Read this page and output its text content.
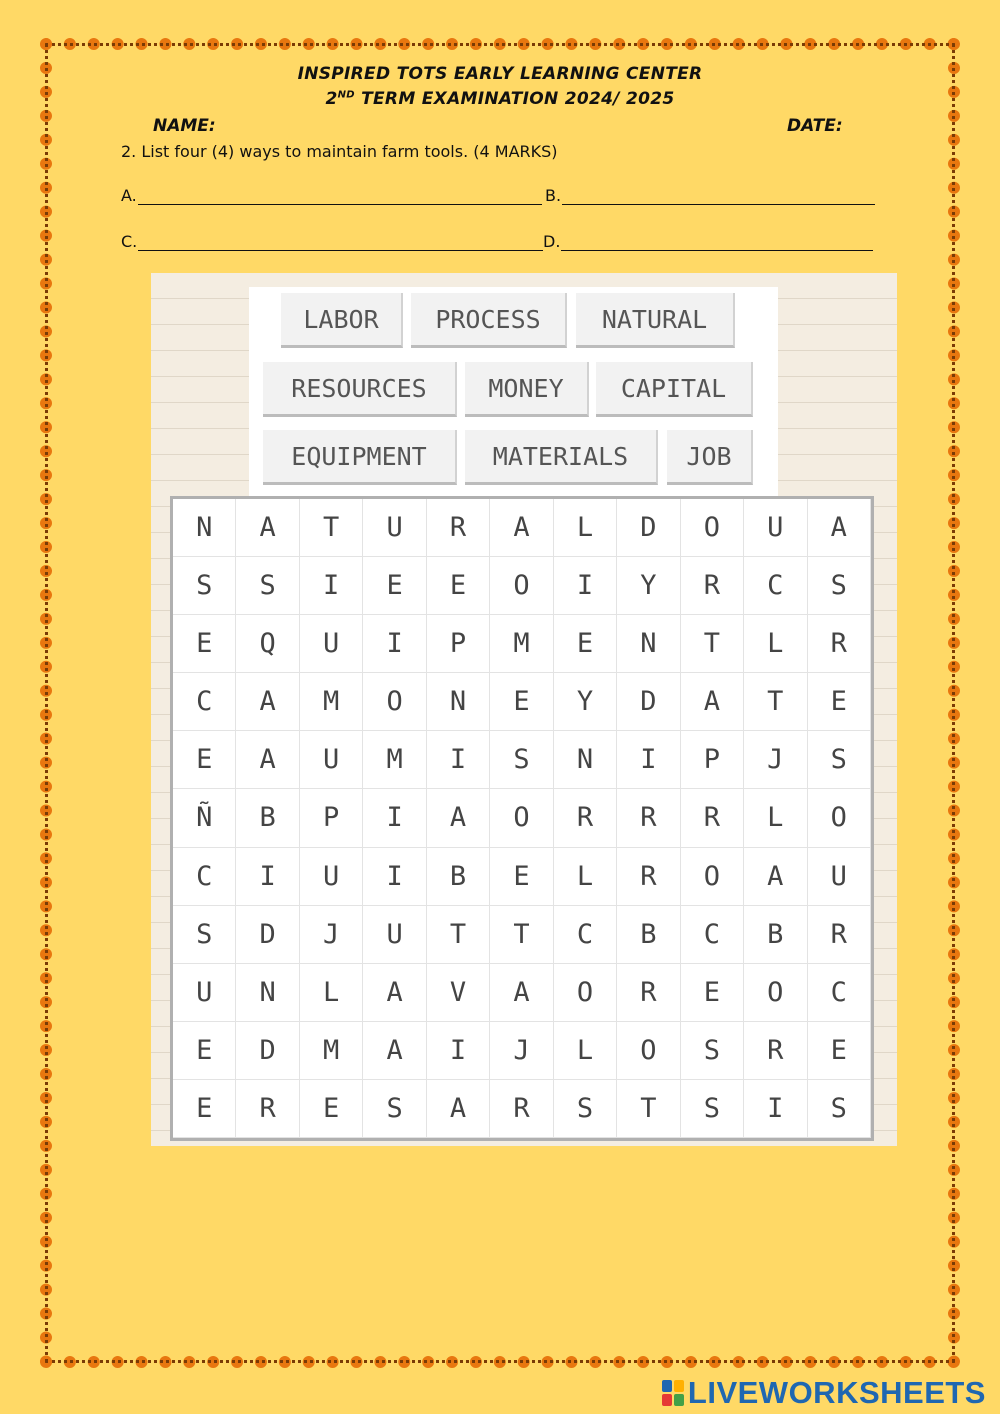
INSPIRED TOTS EARLY LEARNING CENTER
2ND TERM EXAMINATION 2024/ 2025
NAME:	DATE:
2. List four (4) ways to maintain farm tools. (4 MARKS)
A.	B.
C.	D.
LABOR	PROCESS	NATURAL
RESOURCES	MONEY	CAPITAL
EQUIPMENT	MATERIALS	JOB
N	A	T	U	R	A	L	D	O	U	A
S	S	I	E	E	O	I	Y	R	C	S
E	Q	U	I	P	M	E	N	T	L	R
C	A	M	O	N	E	Y	D	A	T	E
E	A	U	M	I	S	N	I	P	J	S
Ñ	B	P	I	A	O	R	R	R	L	O
C	I	U	I	B	E	L	R	O	A	U
S	D	J	U	T	T	C	B	C	B	R
U	N	L	A	V	A	O	R	E	O	C
E	D	M	A	I	J	L	O	S	R	E
E	R	E	S	A	R	S	T	S	I	S
LIVEWORKSHEETS
